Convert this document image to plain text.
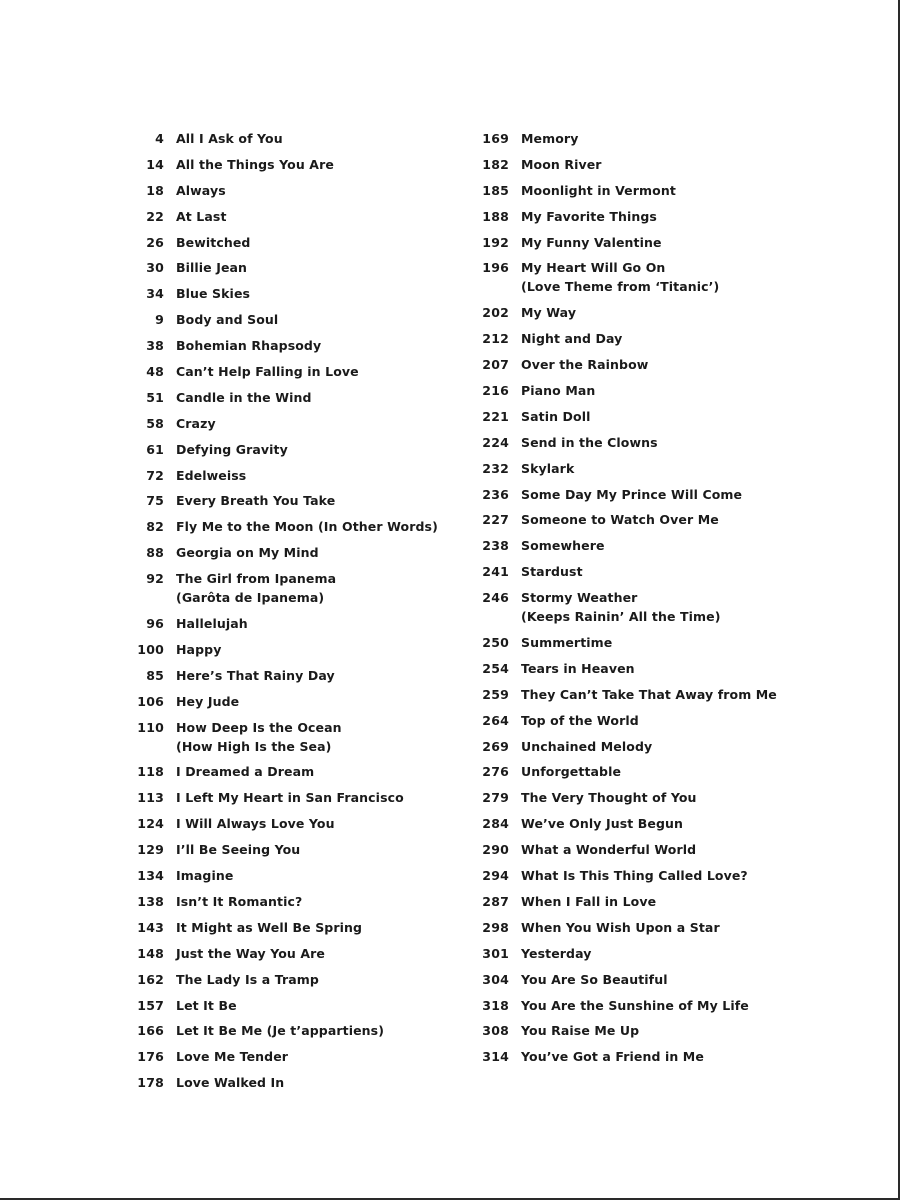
4 All I Ask of You
14 All the Things You Are
18 Always
22 At Last
26 Bewitched
30 Billie Jean
34 Blue Skies
9 Body and Soul
38 Bohemian Rhapsody
48 Can’t Help Falling in Love
51 Candle in the Wind
58 Crazy
61 Defying Gravity
72 Edelweiss
75 Every Breath You Take
82 Fly Me to the Moon (In Other Words)
88 Georgia on My Mind
92 The Girl from Ipanema
(Garôta de Ipanema)
96 Hallelujah
100 Happy
85 Here’s That Rainy Day
106 Hey Jude
110 How Deep Is the Ocean
(How High Is the Sea)
118 I Dreamed a Dream
113 I Left My Heart in San Francisco
124 I Will Always Love You
129 I’ll Be Seeing You
134 Imagine
138 Isn’t It Romantic?
143 It Might as Well Be Spring
148 Just the Way You Are
162 The Lady Is a Tramp
157 Let It Be
166 Let It Be Me (Je t’appartiens)
176 Love Me Tender
178 Love Walked In
169 Memory
182 Moon River
185 Moonlight in Vermont
188 My Favorite Things
192 My Funny Valentine
196 My Heart Will Go On
(Love Theme from ‘Titanic’)
202 My Way
212 Night and Day
207 Over the Rainbow
216 Piano Man
221 Satin Doll
224 Send in the Clowns
232 Skylark
236 Some Day My Prince Will Come
227 Someone to Watch Over Me
238 Somewhere
241 Stardust
246 Stormy Weather
(Keeps Rainin’ All the Time)
250 Summertime
254 Tears in Heaven
259 They Can’t Take That Away from Me
264 Top of the World
269 Unchained Melody
276 Unforgettable
279 The Very Thought of You
284 We’ve Only Just Begun
290 What a Wonderful World
294 What Is This Thing Called Love?
287 When I Fall in Love
298 When You Wish Upon a Star
301 Yesterday
304 You Are So Beautiful
318 You Are the Sunshine of My Life
308 You Raise Me Up
314 You’ve Got a Friend in Me
